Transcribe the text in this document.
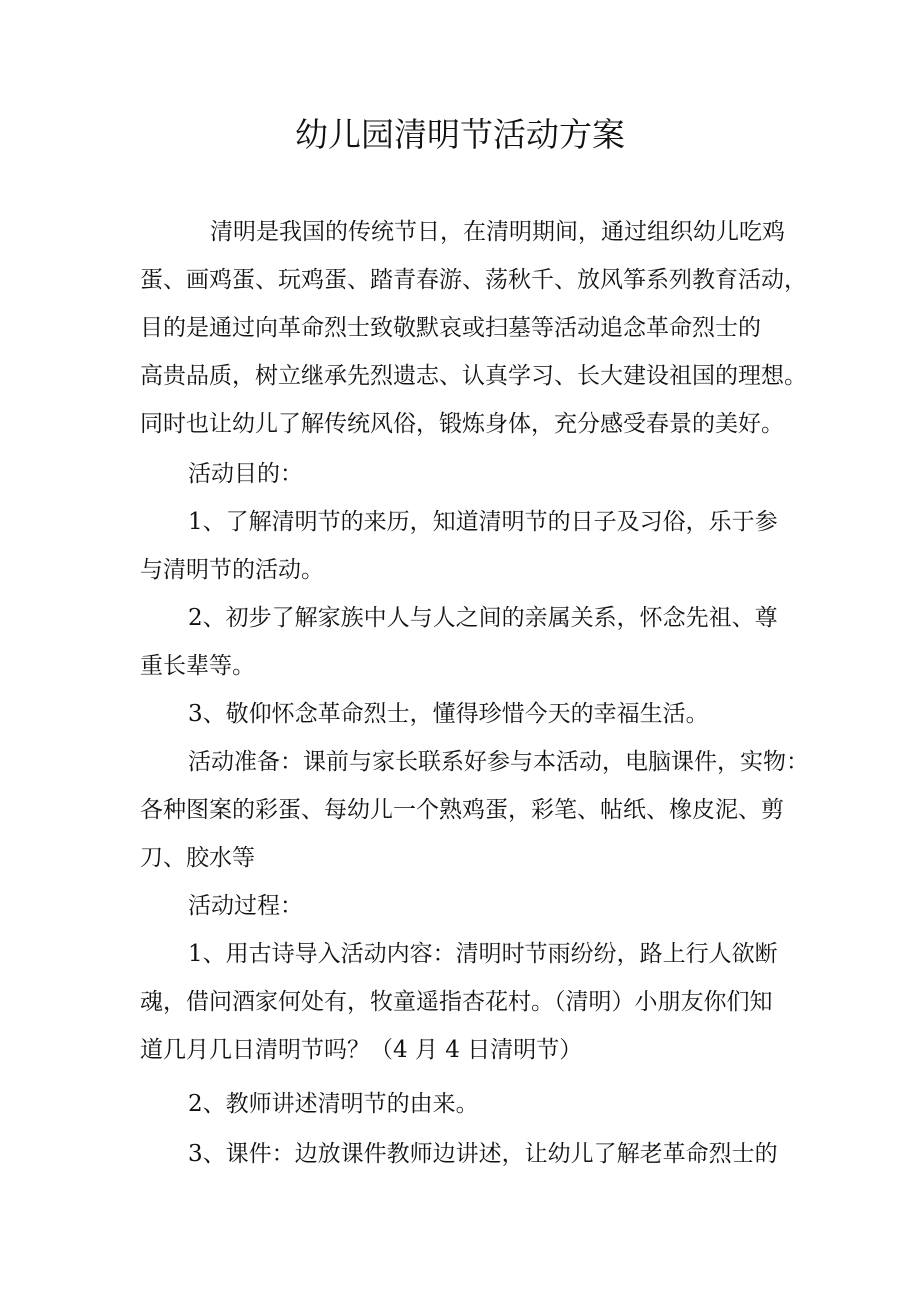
幼儿园清明节活动方案
清明是我国的传统节日，在清明期间，通过组织幼儿吃鸡
蛋、画鸡蛋、玩鸡蛋、踏青春游、荡秋千、放风筝系列教育活动，
目的是通过向革命烈士致敬默哀或扫墓等活动追念革命烈士的
高贵品质，树立继承先烈遗志、认真学习、长大建设祖国的理想。
同时也让幼儿了解传统风俗，锻炼身体，充分感受春景的美好。
活动目的：
1、了解清明节的来历，知道清明节的日子及习俗，乐于参
与清明节的活动。
2、初步了解家族中人与人之间的亲属关系，怀念先祖、尊
重长辈等。
3、敬仰怀念革命烈士，懂得珍惜今天的幸福生活。
活动准备：课前与家长联系好参与本活动，电脑课件，实物：
各种图案的彩蛋、每幼儿一个熟鸡蛋，彩笔、帖纸、橡皮泥、剪
刀、胶水等
活动过程：
1、用古诗导入活动内容：清明时节雨纷纷，路上行人欲断
魂，借问酒家何处有，牧童遥指杏花村。（清明）小朋友你们知
道几月几日清明节吗？（4 月 4 日清明节）
2、教师讲述清明节的由来。
3、课件：边放课件教师边讲述，让幼儿了解老革命烈士的
